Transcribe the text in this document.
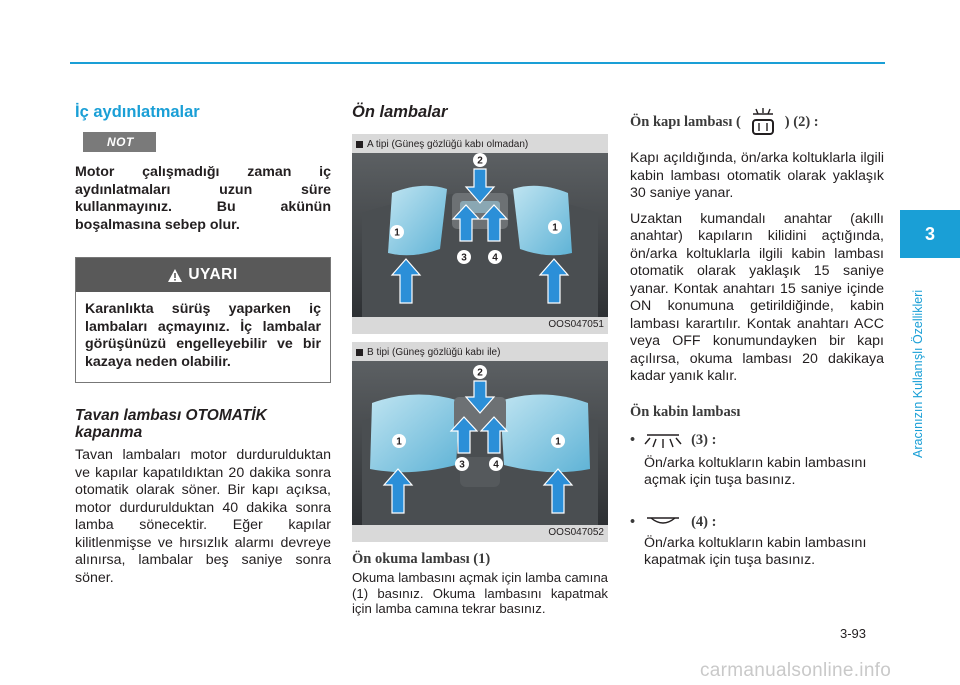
İç aydınlatmalar
NOT

Motor çalışmadığı zaman iç aydınlatmaları uzun süre kullanmayınız. Bu akünün boşalmasına sebep olur.

UYARI
Karanlıkta sürüş yaparken iç lambaları açmayınız. İç lambalar görüşünüzü engelleyebilir ve bir kazaya neden olabilir.
Tavan lambası OTOMATİK kapanma

Tavan lambaları motor durdurulduktan ve kapılar kapatıldıktan 20 dakika sonra otomatik olarak söner. Bir kapı açıksa, motor durdurulduktan 40 dakika sonra lamba sönecektir. Eğer kapılar kilitlenmişse ve hırsızlık alarmı devreye alınırsa, lambalar beş saniye sonra söner.

Ön lambalar
A tipi (Güneş gözlüğü kabı olmadan)
1
2
3	4
1
OOS047051
B tipi (Güneş gözlüğü kabı ile)
1
2
3	4
1
OOS047052
Ön okuma lambası (1)

Okuma lambasını açmak için lamba camına (1) basınız. Okuma lambasını kapatmak için lamba camına tekrar basınız.

Ön kapı lambası (	) (2) :

Kapı açıldığında, ön/arka koltuklarla ilgili kabin lambası otomatik olarak yaklaşık 30 saniye yanar.

Uzaktan kumandalı anahtar (akıllı anahtar) kapıların kilidini açtığında, ön/arka koltuklarla ilgili kabin lambası otomatik olarak yaklaşık 15 saniye yanar. Kontak anahtarı 15 saniye içinde ON konumuna getirildiğinde, kabin lambası karartılır. Kontak anahtarı ACC veya OFF konumundayken bir kapı açılırsa, okuma lambası 20 dakikaya kadar yanık kalır.

Ön kabin lambası
•	(3) :

Ön/arka koltukların kabin lambasını açmak için tuşa basınız.

•	(4) :

Ön/arka koltukların kabin lambasını kapatmak için tuşa basınız.

3
Aracınızın Kullanışlı Özellikleri
3-93
carmanualsonline.info
